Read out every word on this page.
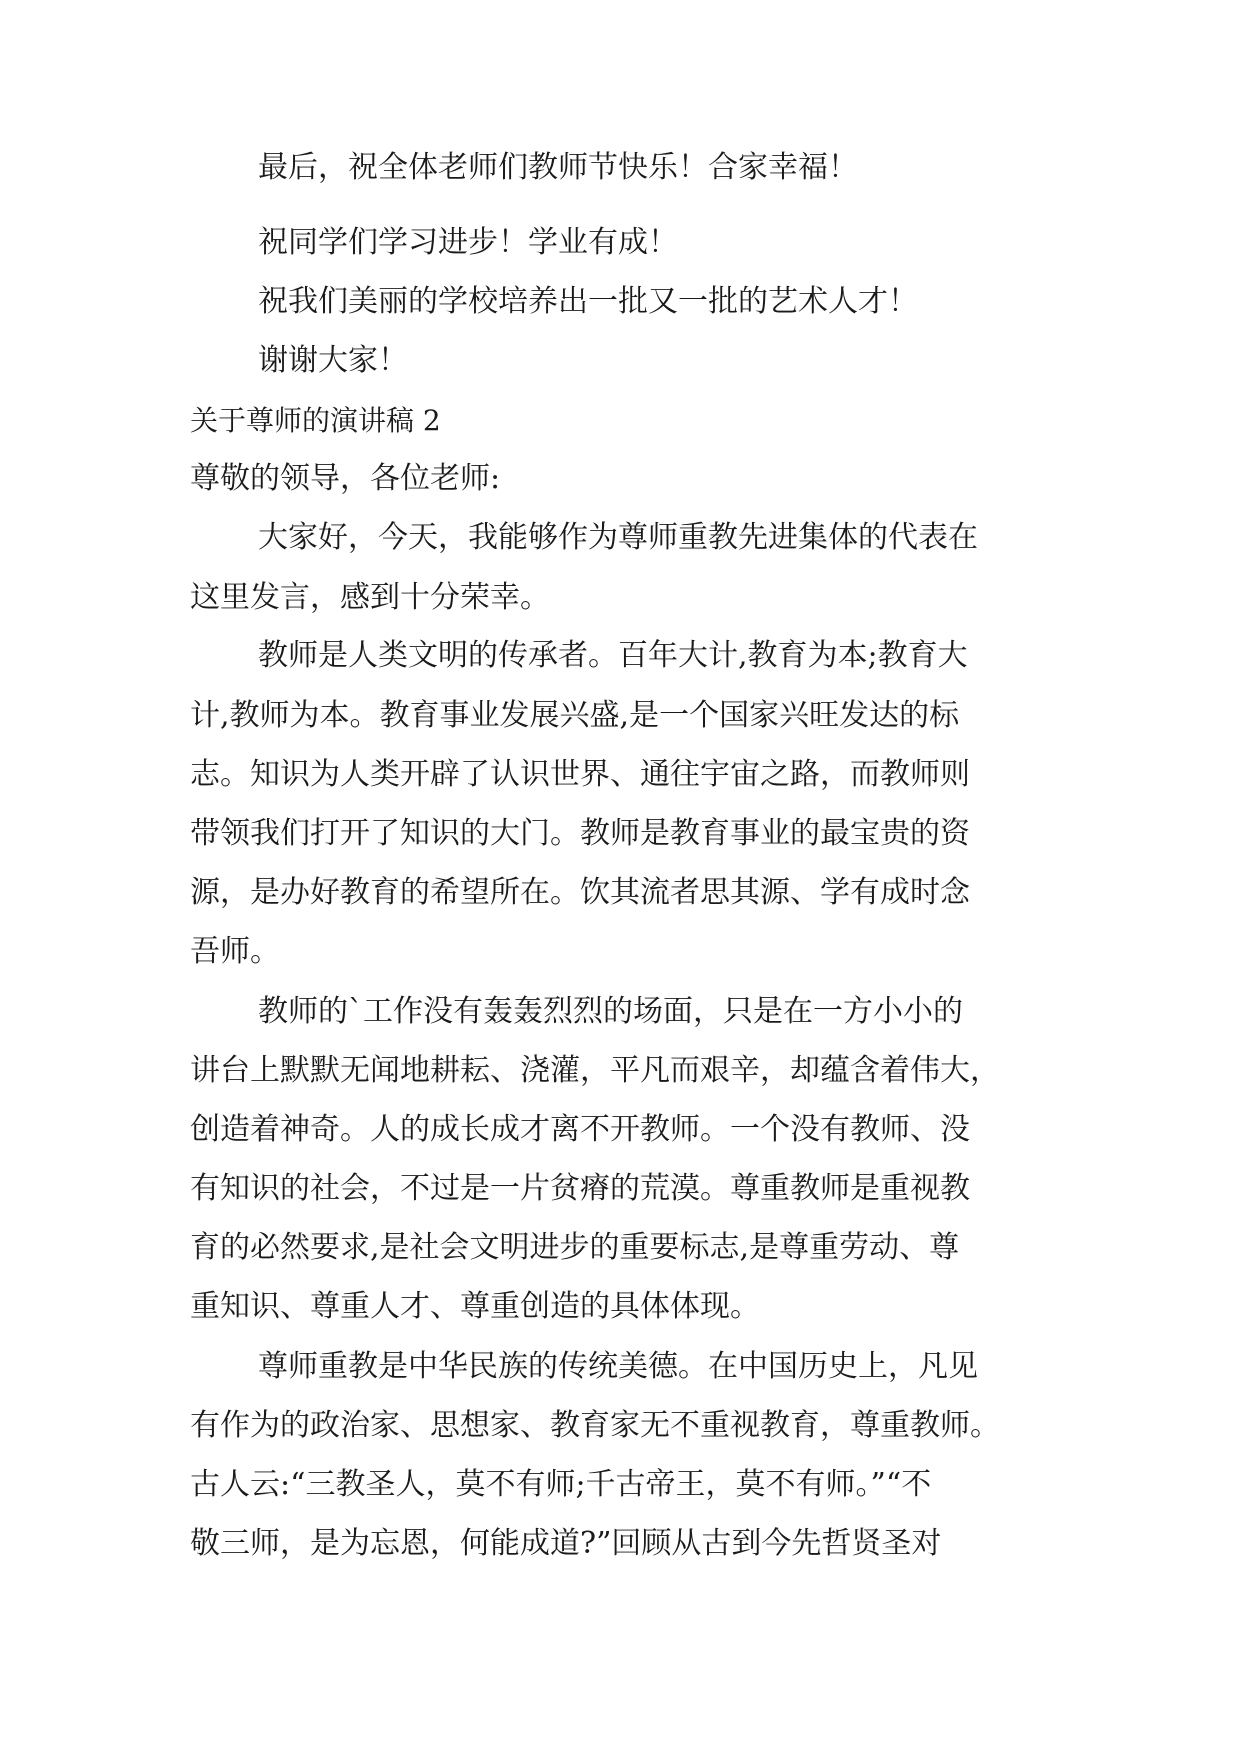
最后，祝全体老师们教师节快乐！合家幸福！

祝同学们学习进步！学业有成！

祝我们美丽的学校培养出一批又一批的艺术人才！

谢谢大家！

关于尊师的演讲稿 2

尊敬的领导，各位老师:

大家好，今天，我能够作为尊师重教先进集体的代表在

这里发言，感到十分荣幸。

教师是人类文明的传承者。百年大计,教育为本;教育大

计,教师为本。教育事业发展兴盛,是一个国家兴旺发达的标

志。知识为人类开辟了认识世界、通往宇宙之路，而教师则

带领我们打开了知识的大门。教师是教育事业的最宝贵的资

源，是办好教育的希望所在。饮其流者思其源、学有成时念

吾师。

教师的`工作没有轰轰烈烈的场面，只是在一方小小的

讲台上默默无闻地耕耘、浇灌，平凡而艰辛，却蕴含着伟大，

创造着神奇。人的成长成才离不开教师。一个没有教师、没

有知识的社会，不过是一片贫瘠的荒漠。尊重教师是重视教

育的必然要求,是社会文明进步的重要标志,是尊重劳动、尊

重知识、尊重人才、尊重创造的具体体现。

尊师重教是中华民族的传统美德。在中国历史上，凡见

有作为的政治家、思想家、教育家无不重视教育，尊重教师。

古人云:“三教圣人，莫不有师;千古帝王，莫不有师。”“不

敬三师，是为忘恩，何能成道?”回顾从古到今先哲贤圣对
